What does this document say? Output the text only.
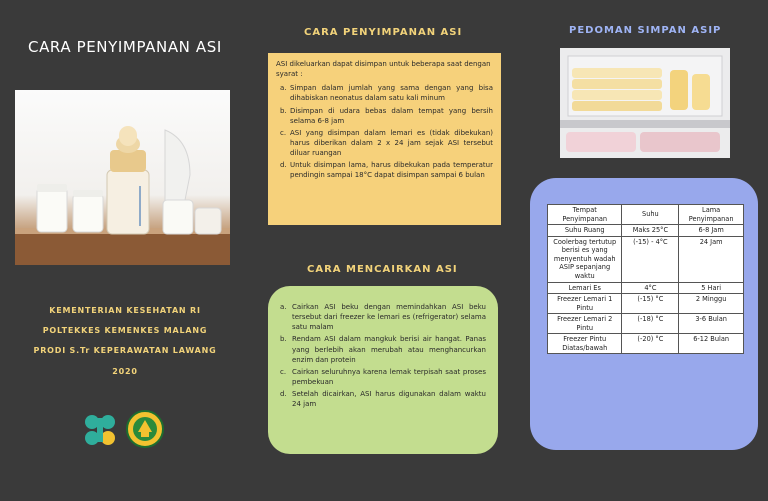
CARA PENYIMPANAN ASI
KEMENTERIAN KESEHATAN RI
POLTEKKES KEMENKES MALANG
PRODI S.Tr KEPERAWATAN LAWANG
2020
CARA PENYIMPANAN ASI
ASI dikeluarkan dapat disimpan untuk beberapa saat dengan syarat :
a. Simpan dalam jumlah yang sama dengan yang bisa dihabiskan neonatus dalam satu kali minum
b. Disimpan di udara bebas dalam tempat yang bersih selama 6-8 jam
c. ASI yang disimpan dalam lemari es (tidak dibekukan) harus diberikan dalam 2 x 24 jam sejak ASI tersebut diluar ruangan
d. Untuk disimpan lama, harus dibekukan pada temperatur pendingin sampai 18°C dapat disimpan sampai 6 bulan
CARA MENCAIRKAN ASI
a. Cairkan ASI beku dengan memindahkan ASI beku tersebut dari freezer ke lemari es (refrigerator) selama satu malam
b. Rendam ASI dalam mangkuk berisi air hangat. Panas yang berlebih akan merubah atau menghancurkan enzim dan protein
c. Cairkan seluruhnya karena lemak terpisah saat proses pembekuan
d. Setelah dicairkan, ASI harus digunakan dalam waktu 24 jam
PEDOMAN SIMPAN ASIP
Tempat Penyimpanan	Suhu	Lama Penyimpanan
Suhu Ruang	Maks 25°C	6-8 Jam
Coolerbag tertutup berisi es yang menyentuh wadah ASIP sepanjang waktu	(-15) - 4°C	24 Jam
Lemari Es	4°C	5 Hari
Freezer Lemari 1 Pintu	(-15) °C	2 Minggu
Freezer Lemari 2 Pintu	(-18) °C	3-6 Bulan
Freezer Pintu Diatas/bawah	(-20) °C	6-12 Bulan
